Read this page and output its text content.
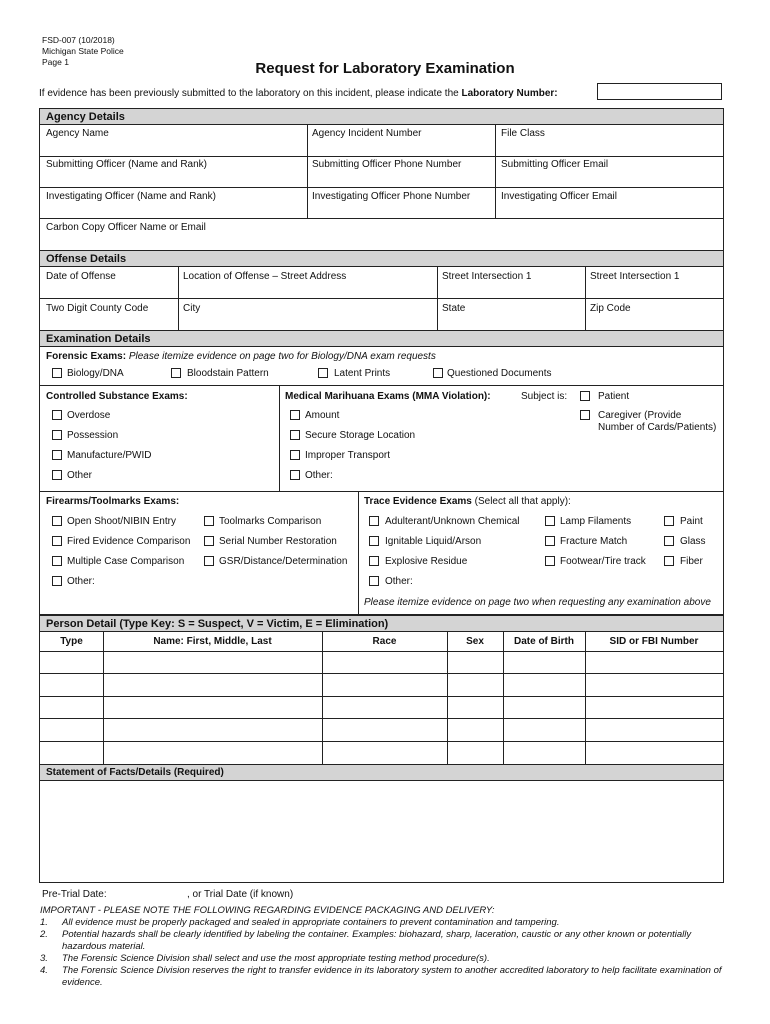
FSD-007 (10/2018)
Michigan State Police
Page 1	Request for Laboratory Examination
If evidence has been previously submitted to the laboratory on this incident, please indicate the Laboratory Number:
Agency Details
Agency Name	Agency Incident Number	File Class
Submitting Officer (Name and Rank)	Submitting Officer Phone Number	Submitting Officer Email
Investigating Officer (Name and Rank)	Investigating Officer Phone Number	Investigating Officer Email
Carbon Copy Officer Name or Email
Offense Details
Date of Offense	Location of Offense – Street Address	Street Intersection 1	Street Intersection 1
Two Digit County Code	City	State	Zip Code
Examination Details
Forensic Exams: Please itemize evidence on page two for Biology/DNA exam requests
Biology/DNA	Bloodstain Pattern	Latent Prints	Questioned Documents
Controlled Substance Exams:
Overdose
Possession
Manufacture/PWID
Other
Medical Marihuana Exams (MMA Violation):
Amount
Secure Storage Location
Improper Transport
Other:
Subject is:	Patient
Caregiver (Provide
Number of Cards/Patients)
Firearms/Toolmarks Exams:
Open Shoot/NIBIN Entry	Toolmarks Comparison
Fired Evidence Comparison	Serial Number Restoration
Multiple Case Comparison	GSR/Distance/Determination
Other:
Trace Evidence Exams (Select all that apply):
Adulterant/Unknown Chemical	Lamp Filaments	Paint
Ignitable Liquid/Arson	Fracture Match	Glass
Explosive Residue	Footwear/Tire track	Fiber
Other:
Please itemize evidence on page two when requesting any examination above
Person Detail (Type Key: S = Suspect, V = Victim, E = Elimination)
Type	Name: First, Middle, Last	Race	Sex	Date of Birth	SID or FBI Number
Statement of Facts/Details (Required)
Pre-Trial Date:	, or Trial Date (if known)
IMPORTANT - PLEASE NOTE THE FOLLOWING REGARDING EVIDENCE PACKAGING AND DELIVERY:
1. All evidence must be properly packaged and sealed in appropriate containers to prevent contamination and tampering.
2. Potential hazards shall be clearly identified by labeling the container. Examples: biohazard, sharp, laceration, caustic or any other known or potentially hazardous material.
3. The Forensic Science Division shall select and use the most appropriate testing method procedure(s).
4. The Forensic Science Division reserves the right to transfer evidence in its laboratory system to another accredited laboratory to help facilitate examination of evidence.
